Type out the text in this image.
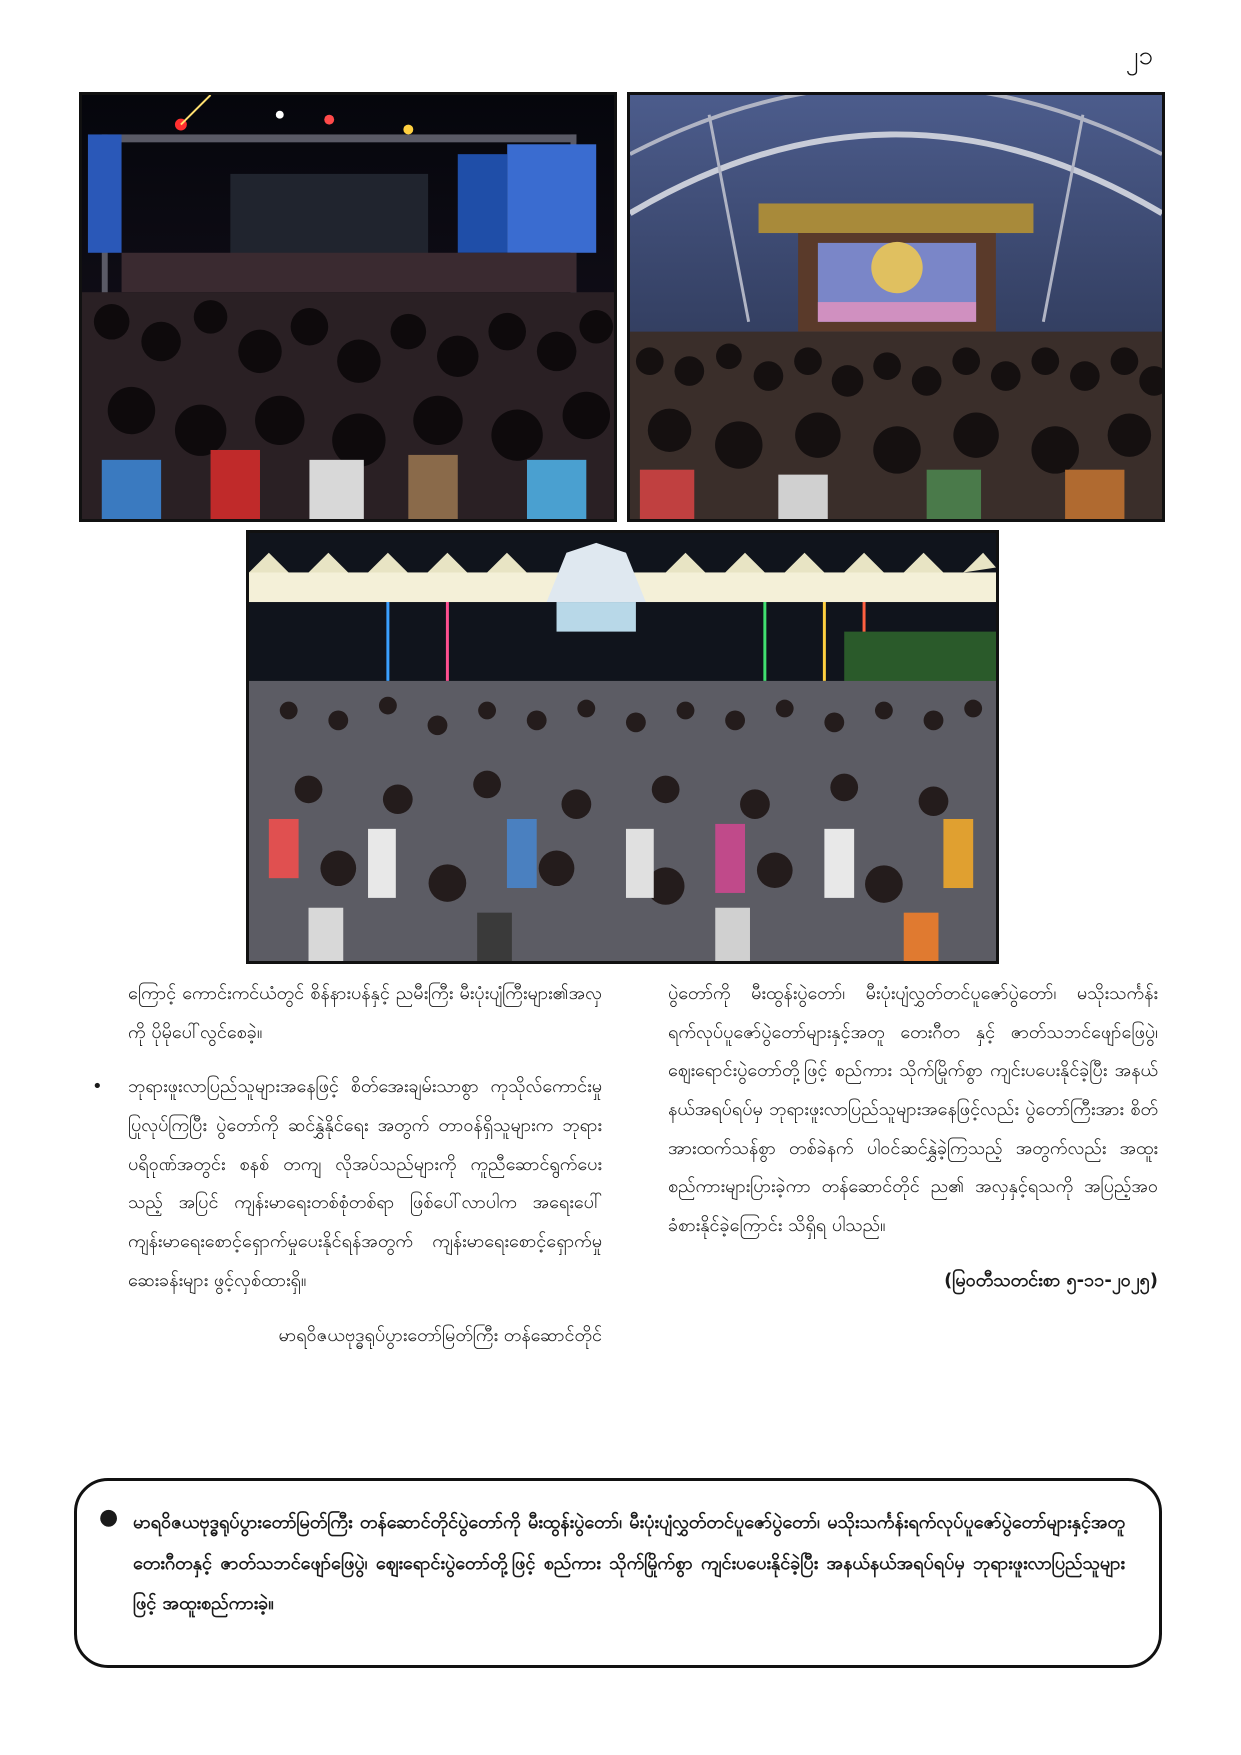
၂၁

ကြောင့် ကောင်းကင်ယံတွင် စိန်နားပန်နှင့် ညမီးကြီး မီးပုံးပျံကြီးများ၏အလှကို ပိုမိုပေါ်လွင်စေခဲ့။

• ဘုရားဖူးလာပြည်သူများအနေဖြင့် စိတ်အေးချမ်းသာစွာ ကုသိုလ်ကောင်းမှုပြုလုပ်ကြပြီး ပွဲတော်ကို ဆင်နွှဲနိုင်ရေး အတွက် တာဝန်ရှိသူများက ဘုရားပရိဝုဏ်အတွင်း စနစ် တကျ လိုအပ်သည်များကို ကူညီဆောင်ရွက်ပေးသည့် အပြင် ကျန်းမာရေးတစ်စုံတစ်ရာ ဖြစ်ပေါ်လာပါက အရေးပေါ်ကျန်းမာရေးစောင့်ရှောက်မှုပေးနိုင်ရန်အတွက် ကျန်းမာရေးစောင့်ရှောက်မှုဆေးခန်းများ ဖွင့်လှစ်ထားရှိ။

မာရဝိဇယဗုဒ္ဓရုပ်ပွားတော်မြတ်ကြီး တန်ဆောင်တိုင်

ပွဲတော်ကို မီးထွန်းပွဲတော်၊ မီးပုံးပျံလွှတ်တင်ပူဇော်ပွဲတော်၊ မသိုးသင်္ကန်းရက်လုပ်ပူဇော်ပွဲတော်များနှင့်အတူ တေးဂီတ နှင့် ဇာတ်သဘင်ဖျော်ဖြေပွဲ၊ဈေးရောင်းပွဲတော်တို့ဖြင့် စည်ကား သိုက်မြိုက်စွာ ကျင်းပပေးနိုင်ခဲ့ပြီး အနယ်နယ်အရပ်ရပ်မှ ဘုရားဖူးလာပြည်သူများအနေဖြင့်လည်း ပွဲတော်ကြီးအား စိတ်အားထက်သန်စွာ တစ်ခဲနက် ပါဝင်ဆင်နွှဲခဲ့ကြသည့် အတွက်လည်း အထူးစည်ကားများပြားခဲ့ကာ တန်ဆောင်တိုင် ည၏ အလှနှင့်ရသကို အပြည့်အဝခံစားနိုင်ခဲ့ကြောင်း သိရှိရ ပါသည်။

(မြဝတီသတင်းစာ ၅-၁၁-၂၀၂၅)

● မာရဝိဇယဗုဒ္ဓရုပ်ပွားတော်မြတ်ကြီး တန်ဆောင်တိုင်ပွဲတော်ကို မီးထွန်းပွဲတော်၊ မီးပုံးပျံလွှတ်တင်ပူဇော်ပွဲတော်၊ မသိုးသင်္ကန်းရက်လုပ်ပူဇော်ပွဲတော်များနှင့်အတူ တေးဂီတနှင့် ဇာတ်သဘင်ဖျော်ဖြေပွဲ၊ ဈေးရောင်းပွဲတော်တို့ဖြင့် စည်ကား သိုက်မြိုက်စွာ ကျင်းပပေးနိုင်ခဲ့ပြီး အနယ်နယ်အရပ်ရပ်မှ ဘုရားဖူးလာပြည်သူများဖြင့် အထူးစည်ကားခဲ့။
